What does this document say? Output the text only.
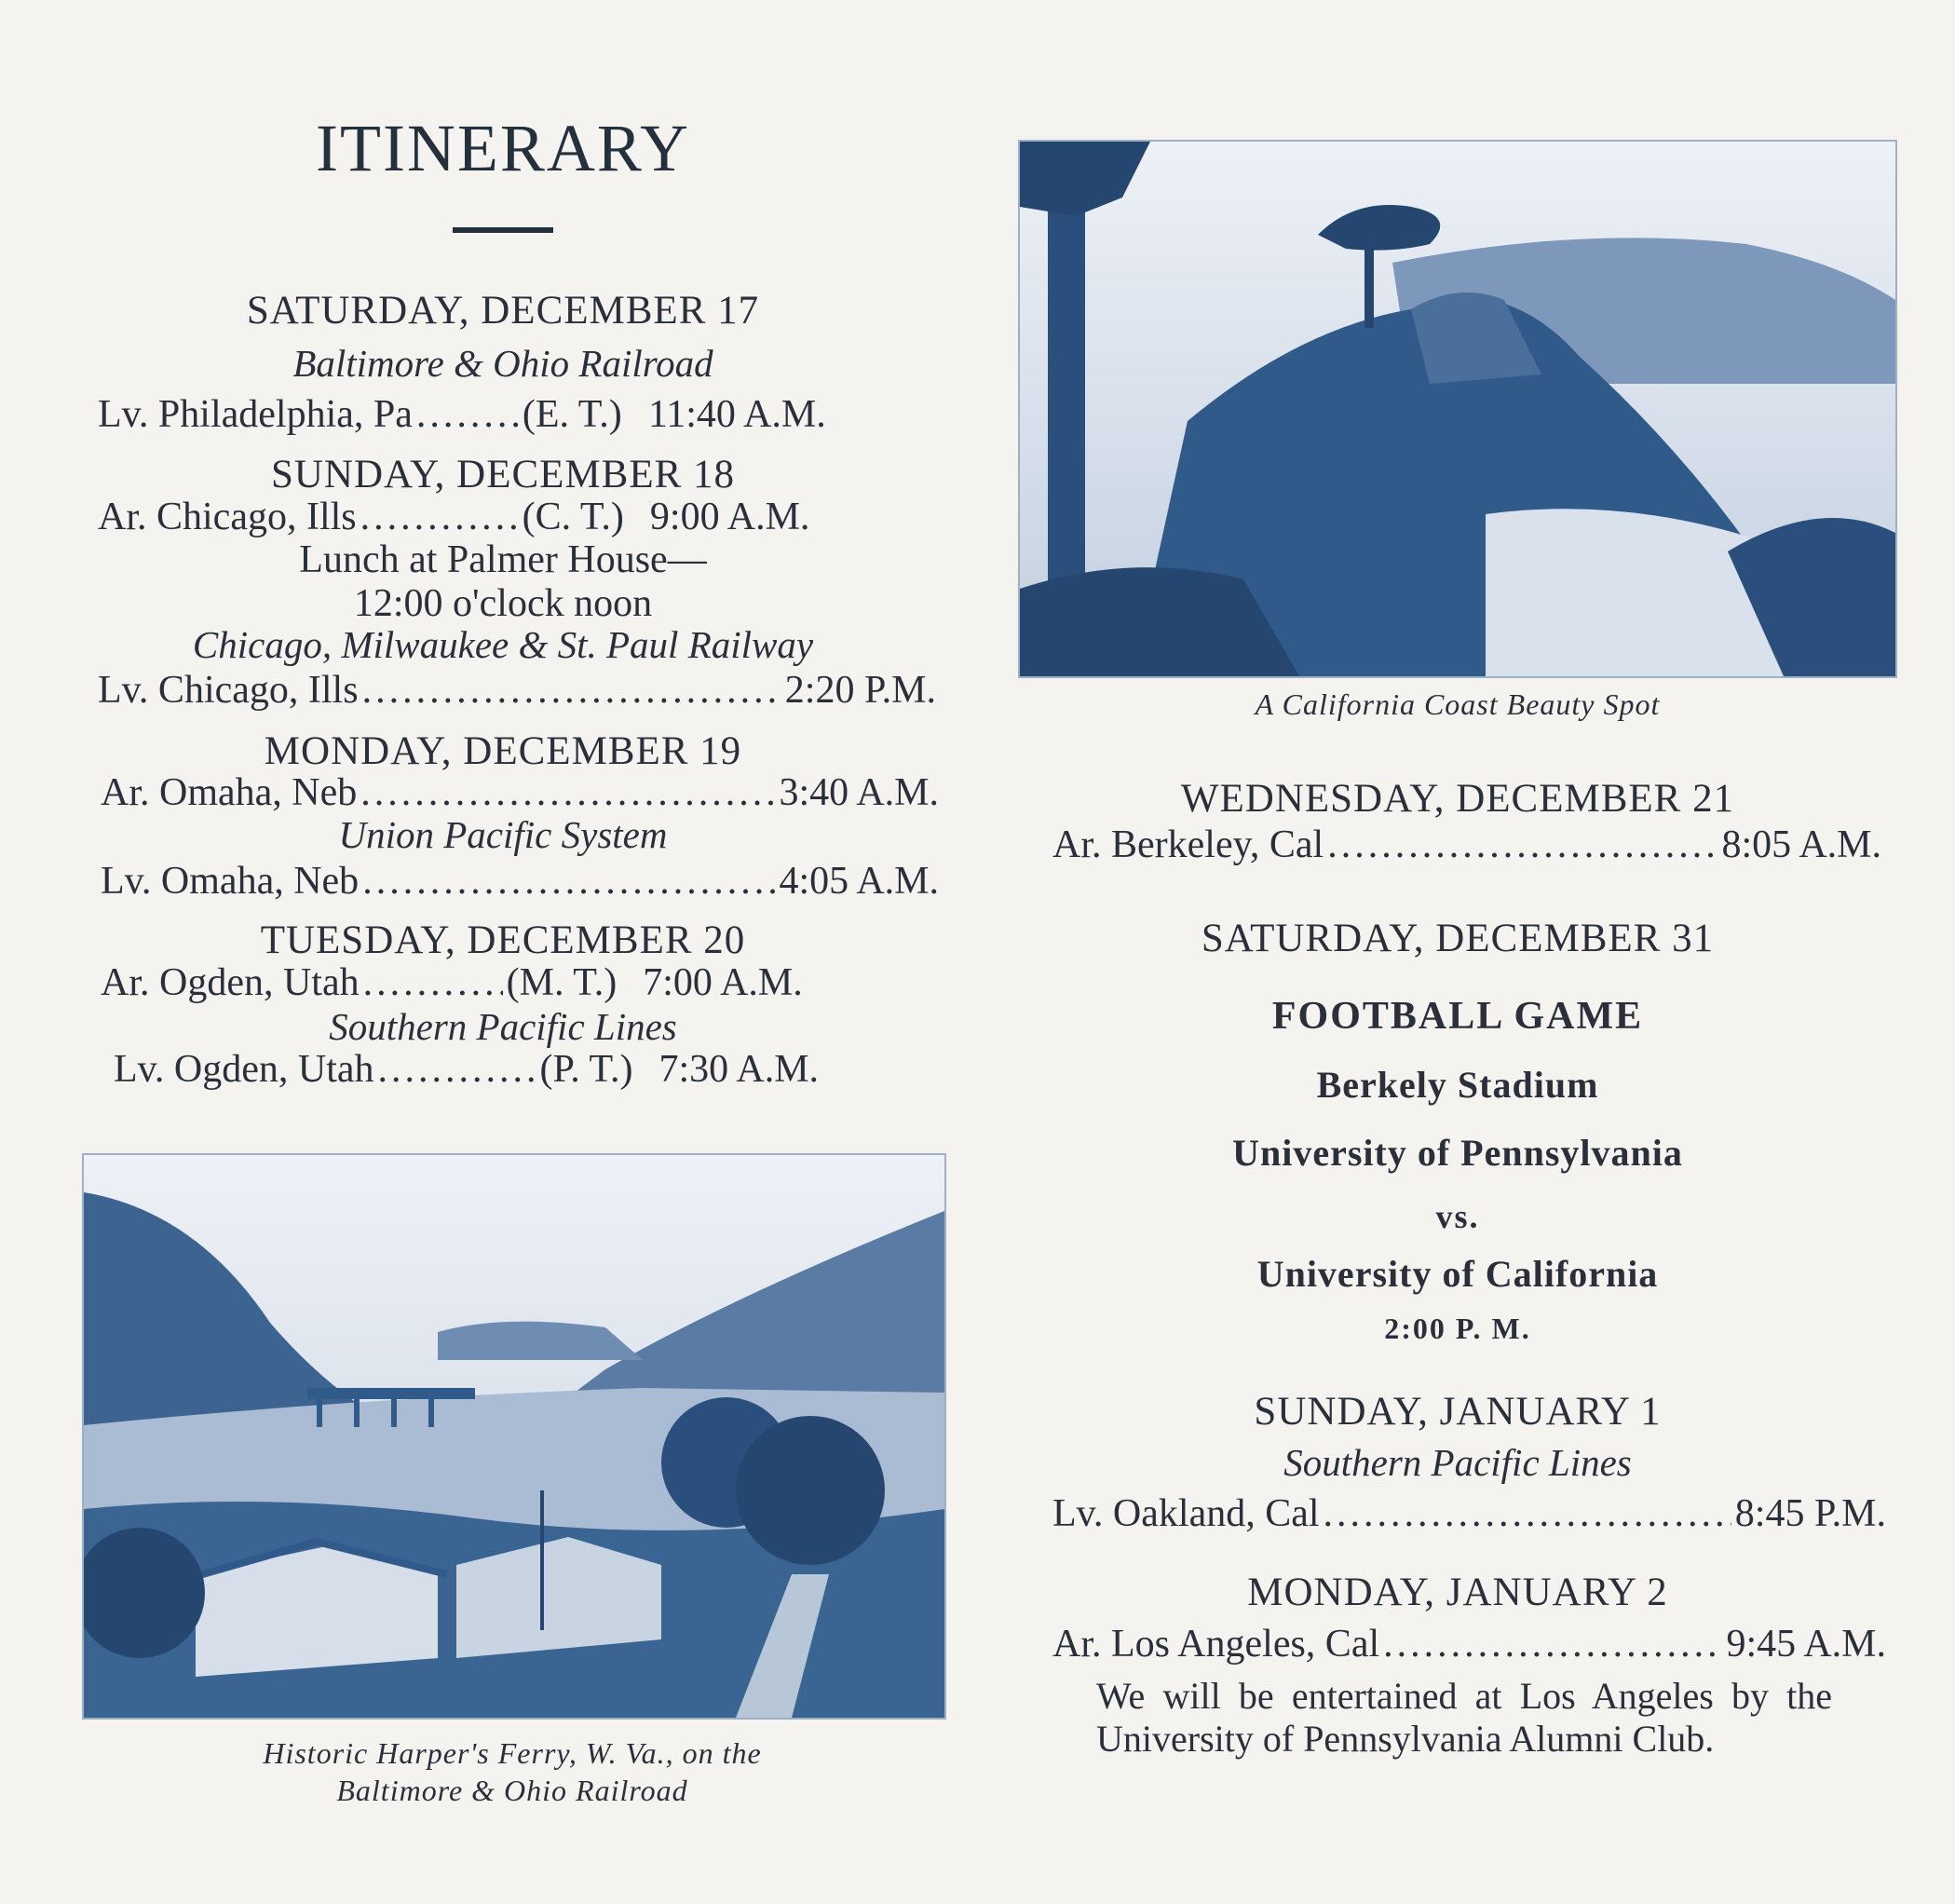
ITINERARY
SATURDAY, DECEMBER 17
Baltimore & Ohio Railroad
Lv. Philadelphia, Pa .....	(E. T.) 11:40 A.M.
SUNDAY, DECEMBER 18
Ar. Chicago, Ills .....	(C. T.) 9:00 A.M.
Lunch at Palmer House—
12:00 o'clock noon
Chicago, Milwaukee & St. Paul Railway
Lv. Chicago, Ills .....	2:20 P.M.
MONDAY, DECEMBER 19
Ar. Omaha, Neb .....	3:40 A.M.
Union Pacific System
Lv. Omaha, Neb .....	4:05 A.M.
TUESDAY, DECEMBER 20
Ar. Ogden, Utah .....	(M. T.) 7:00 A.M.
Southern Pacific Lines
Lv. Ogden, Utah .....	(P. T.) 7:30 A.M.
Historic Harper's Ferry, W. Va., on the
Baltimore & Ohio Railroad
A California Coast Beauty Spot
WEDNESDAY, DECEMBER 21
Ar. Berkeley, Cal .....	8:05 A.M.
SATURDAY, DECEMBER 31
FOOTBALL GAME
Berkely Stadium
University of Pennsylvania
vs.
University of California
2:00 P. M.
SUNDAY, JANUARY 1
Southern Pacific Lines
Lv. Oakland, Cal .....	8:45 P.M.
MONDAY, JANUARY 2
Ar. Los Angeles, Cal .....	9:45 A.M.
We will be entertained at Los Angeles by the University of Pennsylvania Alumni Club.
